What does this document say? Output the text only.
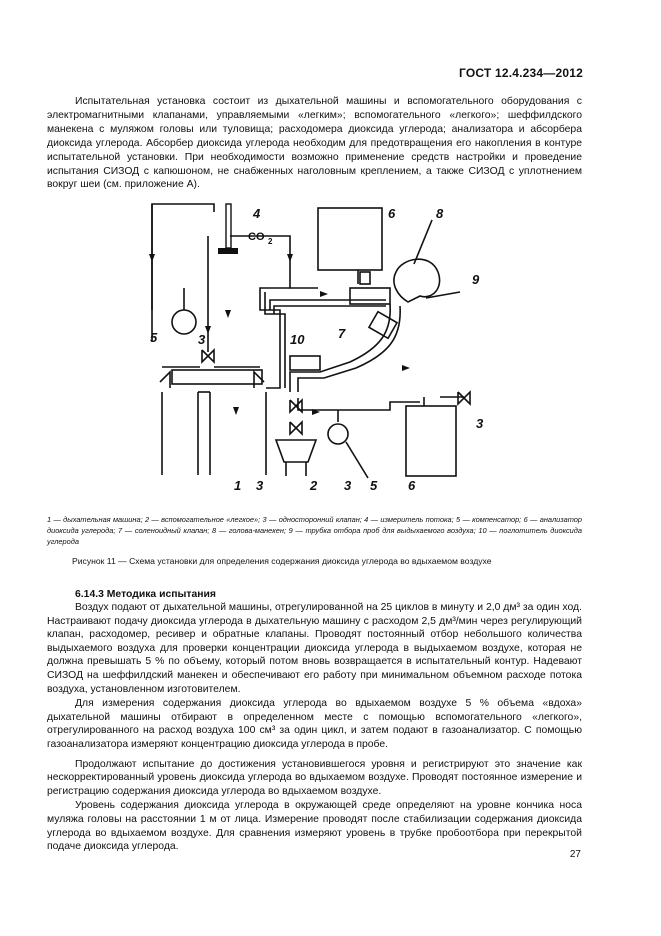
ГОСТ 12.4.234—2012

Испытательная установка состоит из дыхательной машины и вспомогательного оборудования с электромагнитными клапанами, управляемыми «легким»; вспомогательного «легкого»; шеффилдского манекена с муляжом головы или туловища; расходомера диоксида углерода; анализатора и абсорбера диоксида углерода. Абсорбер диоксида углерода необходим для предотвращения его накопления в контуре испытательной установки. При необходимости возможно применение средств настройки и проведение испытания СИЗОД с капюшоном, не снабженных наголовным креплением, а также СИЗОД с уплотнением вокруг шеи (см. приложение А).

4	6	8
9
5	3	10	7
3
1 3	2 3 5 6
CO 2

1 — дыхательная машина; 2 — вспомогательное «легкое»; 3 — односторонний клапан; 4 — измеритель потока; 5 — компенсатор; 6 — анализатор диоксида углерода; 7 — соленоидный клапан; 8 — голова-манекен; 9 — трубка отбора проб для выдыхаемого воздуха; 10 — поглотитель диоксида углерода

Рисунок 11 — Схема установки для определения содержания диоксида углерода во вдыхаемом воздухе
6.14.3 Методика испытания

Воздух подают от дыхательной машины, отрегулированной на 25 циклов в минуту и 2,0 дм³ за один ход. Настраивают подачу диоксида углерода в дыхательную машину с расходом 2,5 дм³/мин через регулирующий клапан, расходомер, ресивер и обратные клапаны. Проводят постоянный отбор небольшого количества выдыхаемого воздуха для проверки концентрации диоксида углерода в выдыхаемом воздухе, которая не должна превышать 5 % по объему, который потом вновь возвращается в испытательный контур. Надевают СИЗОД на шеффилдский манекен и обеспечивают его работу при минимальном объемном расходе потока воздуха, установленном изготовителем.

Для измерения содержания диоксида углерода во вдыхаемом воздухе 5 % объема «вдоха» дыхательной машины отбирают в определенном месте с помощью вспомогательного «легкого», отрегулированного на расход воздуха 100 см³ за один цикл, и затем подают в газоанализатор. С помощью газоанализатора измеряют концентрацию диоксида углерода в пробе.

Продолжают испытание до достижения установившегося уровня и регистрируют это значение как нескорректированный уровень диоксида углерода во вдыхаемом воздухе. Проводят постоянное измерение и регистрацию содержания диоксида углерода во вдыхаемом воздухе.

Уровень содержания диоксида углерода в окружающей среде определяют на уровне кончика носа муляжа головы на расстоянии 1 м от лица. Измерение проводят после стабилизации содержания диоксида углерода во вдыхаемом воздухе. Для сравнения измеряют уровень в трубке пробоотбора при перекрытой подаче диоксида углерода.

27
